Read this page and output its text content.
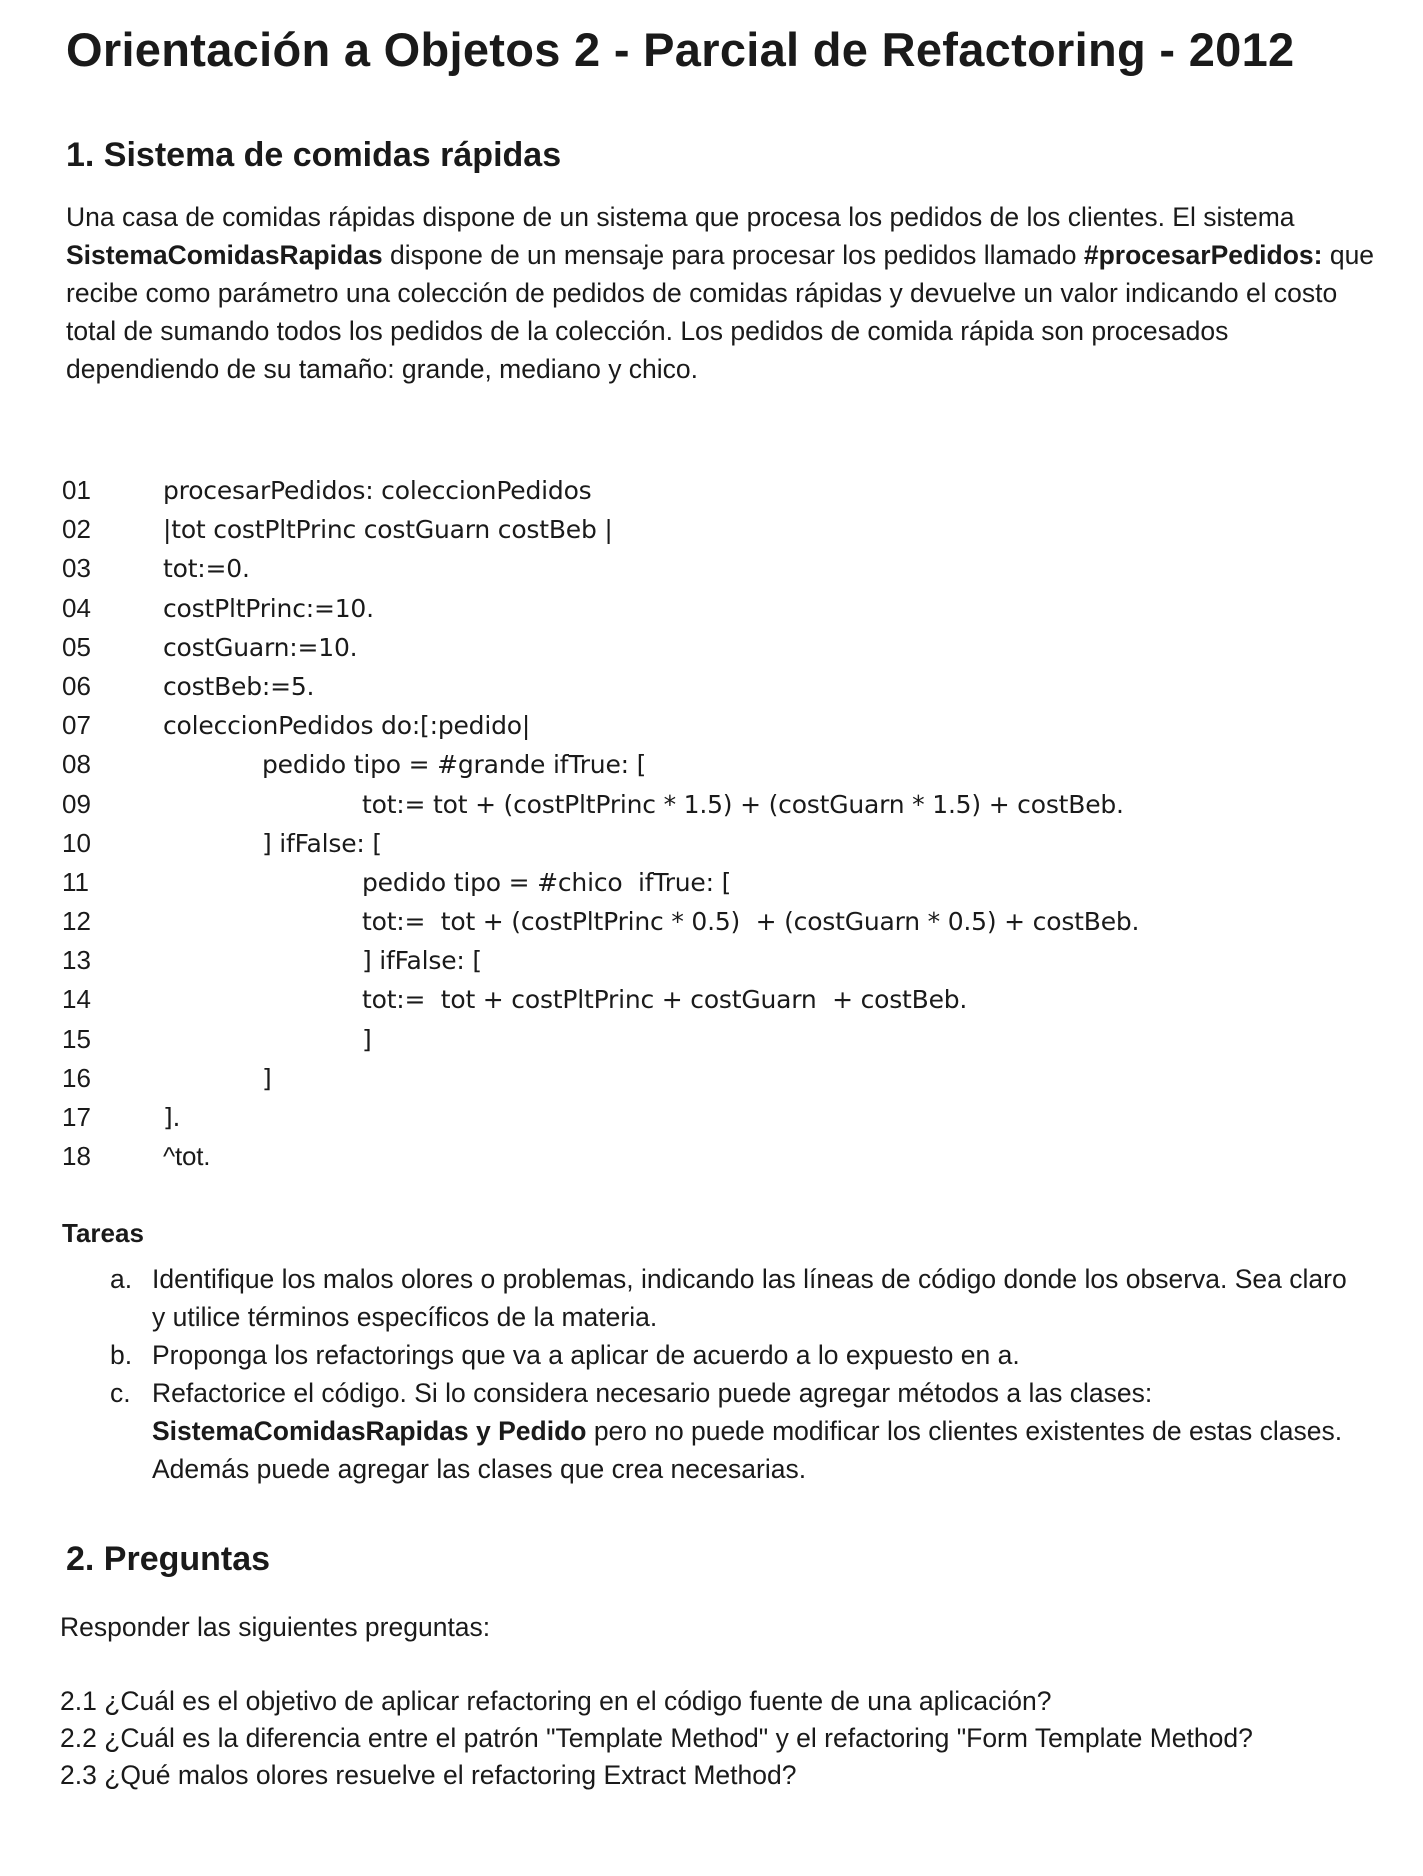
Orientación a Objetos 2 - Parcial de Refactoring - 2012
1. Sistema de comidas rápidas
Una casa de comidas rápidas dispone de un sistema que procesa los pedidos de los clientes. El sistema SistemaComidasRapidas dispone de un mensaje para procesar los pedidos llamado #procesarPedidos: que recibe como parámetro una colección de pedidos de comidas rápidas y devuelve un valor indicando el costo total de sumando todos los pedidos de la colección. Los pedidos de comida rápida son procesados dependiendo de su tamaño: grande, mediano y chico.
01	procesarPedidos: coleccionPedidos
02	|tot costPltPrinc costGuarn costBeb |
03	tot:=0.
04	costPltPrinc:=10.
05	costGuarn:=10.
06	costBeb:=5.
07	coleccionPedidos do:[:pedido|
08	pedido tipo = #grande ifTrue: [
09	tot:= tot + (costPltPrinc * 1.5) + (costGuarn * 1.5) + costBeb.
10	] ifFalse: [
11	pedido tipo = #chico  ifTrue: [
12	tot:=  tot + (costPltPrinc * 0.5)  + (costGuarn * 0.5) + costBeb.
13	] ifFalse: [
14	tot:=  tot + costPltPrinc + costGuarn  + costBeb.
15	]
16	]
17	].
18	^tot.
Tareas
a. Identifique los malos olores o problemas, indicando las líneas de código donde los observa. Sea claro y utilice términos específicos de la materia.
b. Proponga los refactorings que va a aplicar de acuerdo a lo expuesto en a.
c. Refactorice el código. Si lo considera necesario puede agregar métodos a las clases:
SistemaComidasRapidas y Pedido pero no puede modificar los clientes existentes de estas clases. Además puede agregar las clases que crea necesarias.
2. Preguntas
Responder las siguientes preguntas:
2.1 ¿Cuál es el objetivo de aplicar refactoring en el código fuente de una aplicación?
2.2 ¿Cuál es la diferencia entre el patrón "Template Method" y el refactoring "Form Template Method?
2.3 ¿Qué malos olores resuelve el refactoring Extract Method?
